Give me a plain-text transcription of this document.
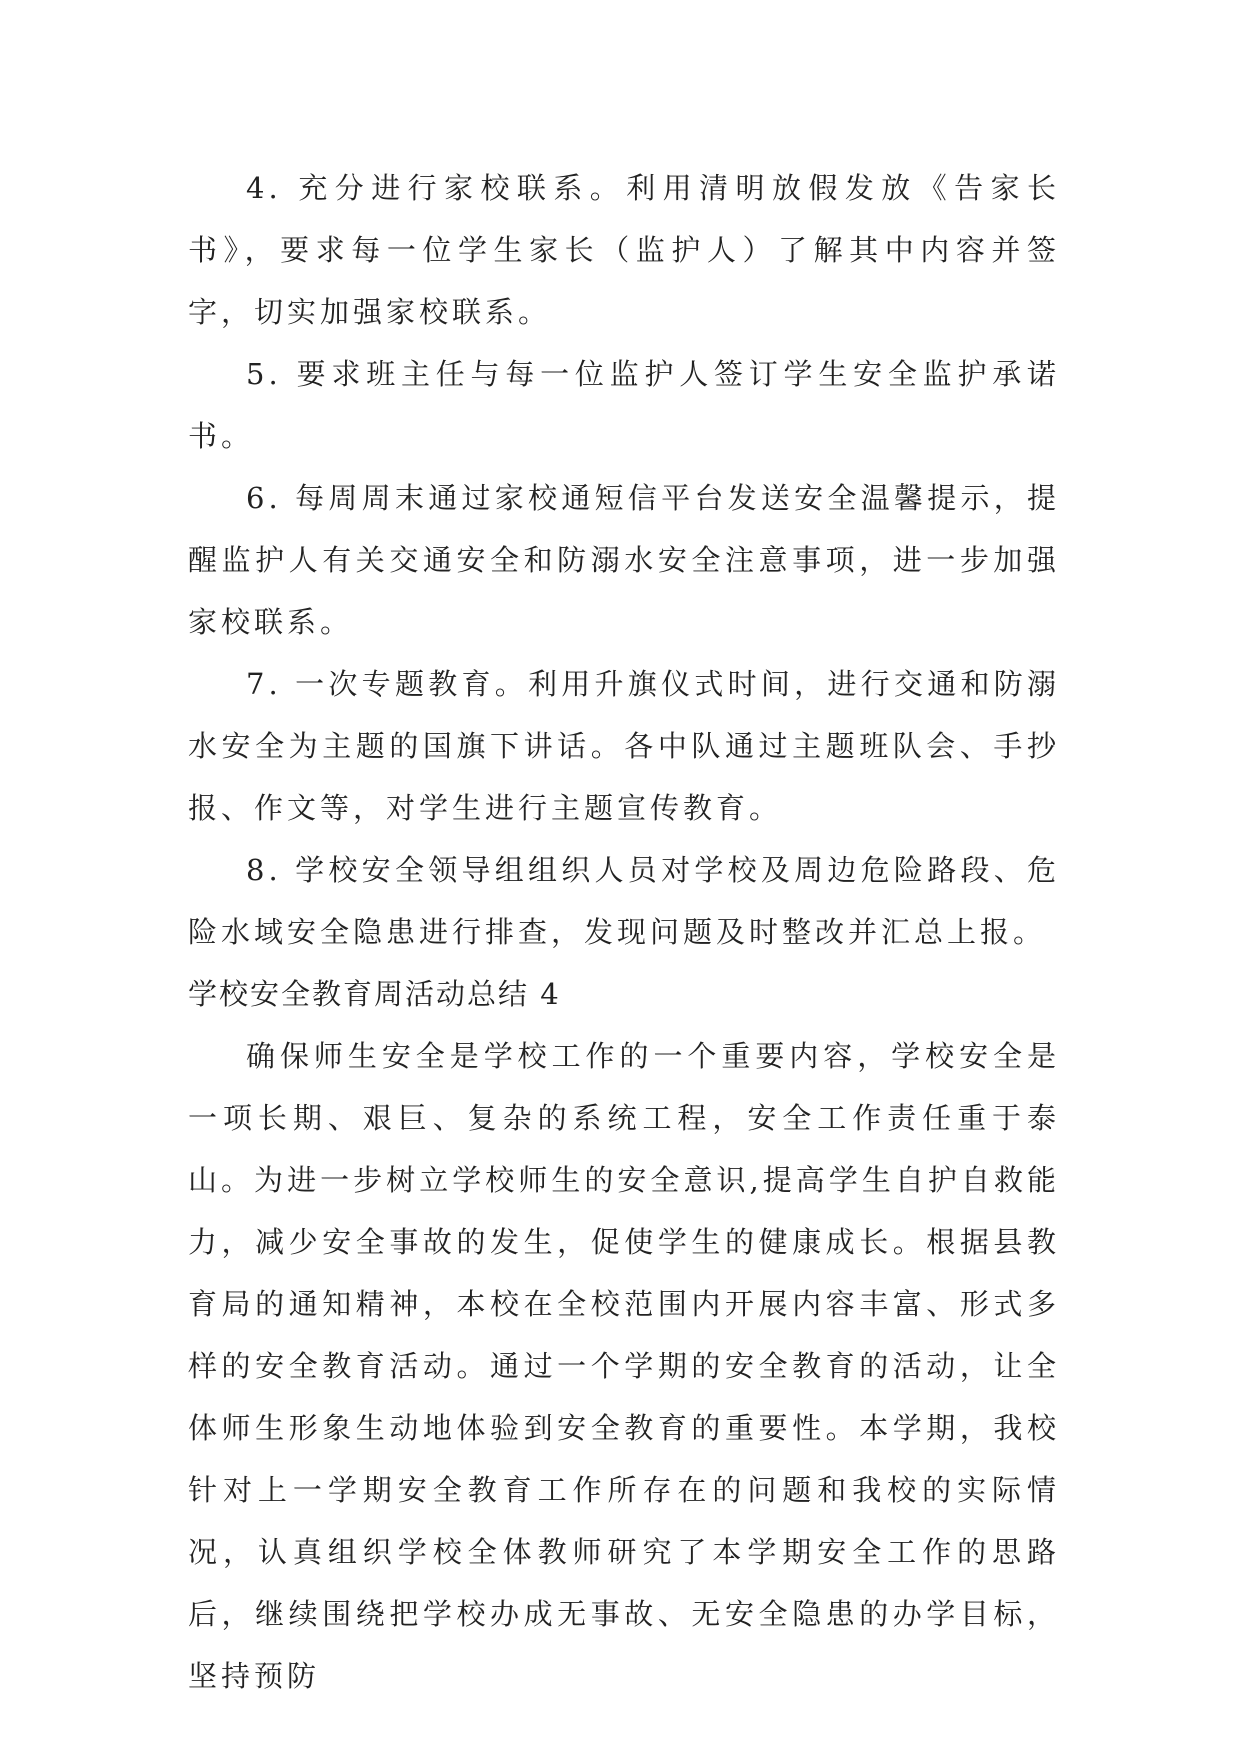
4. 充分进行家校联系。利用清明放假发放《告家长书》，要求每一位学生家长（监护人）了解其中内容并签字，切实加强家校联系。

5. 要求班主任与每一位监护人签订学生安全监护承诺书。

6. 每周周末通过家校通短信平台发送安全温馨提示，提醒监护人有关交通安全和防溺水安全注意事项，进一步加强家校联系。

7. 一次专题教育。利用升旗仪式时间，进行交通和防溺水安全为主题的国旗下讲话。各中队通过主题班队会、手抄报、作文等，对学生进行主题宣传教育。

8. 学校安全领导组组织人员对学校及周边危险路段、危险水域安全隐患进行排查，发现问题及时整改并汇总上报。

学校安全教育周活动总结 4

确保师生安全是学校工作的一个重要内容，学校安全是一项长期、艰巨、复杂的系统工程，安全工作责任重于泰山。为进一步树立学校师生的安全意识,提高学生自护自救能力，减少安全事故的发生，促使学生的健康成长。根据县教育局的通知精神，本校在全校范围内开展内容丰富、形式多样的安全教育活动。通过一个学期的安全教育的活动，让全体师生形象生动地体验到安全教育的重要性。本学期，我校针对上一学期安全教育工作所存在的问题和我校的实际情况，认真组织学校全体教师研究了本学期安全工作的思路后，继续围绕把学校办成无事故、无安全隐患的办学目标，坚持预防
